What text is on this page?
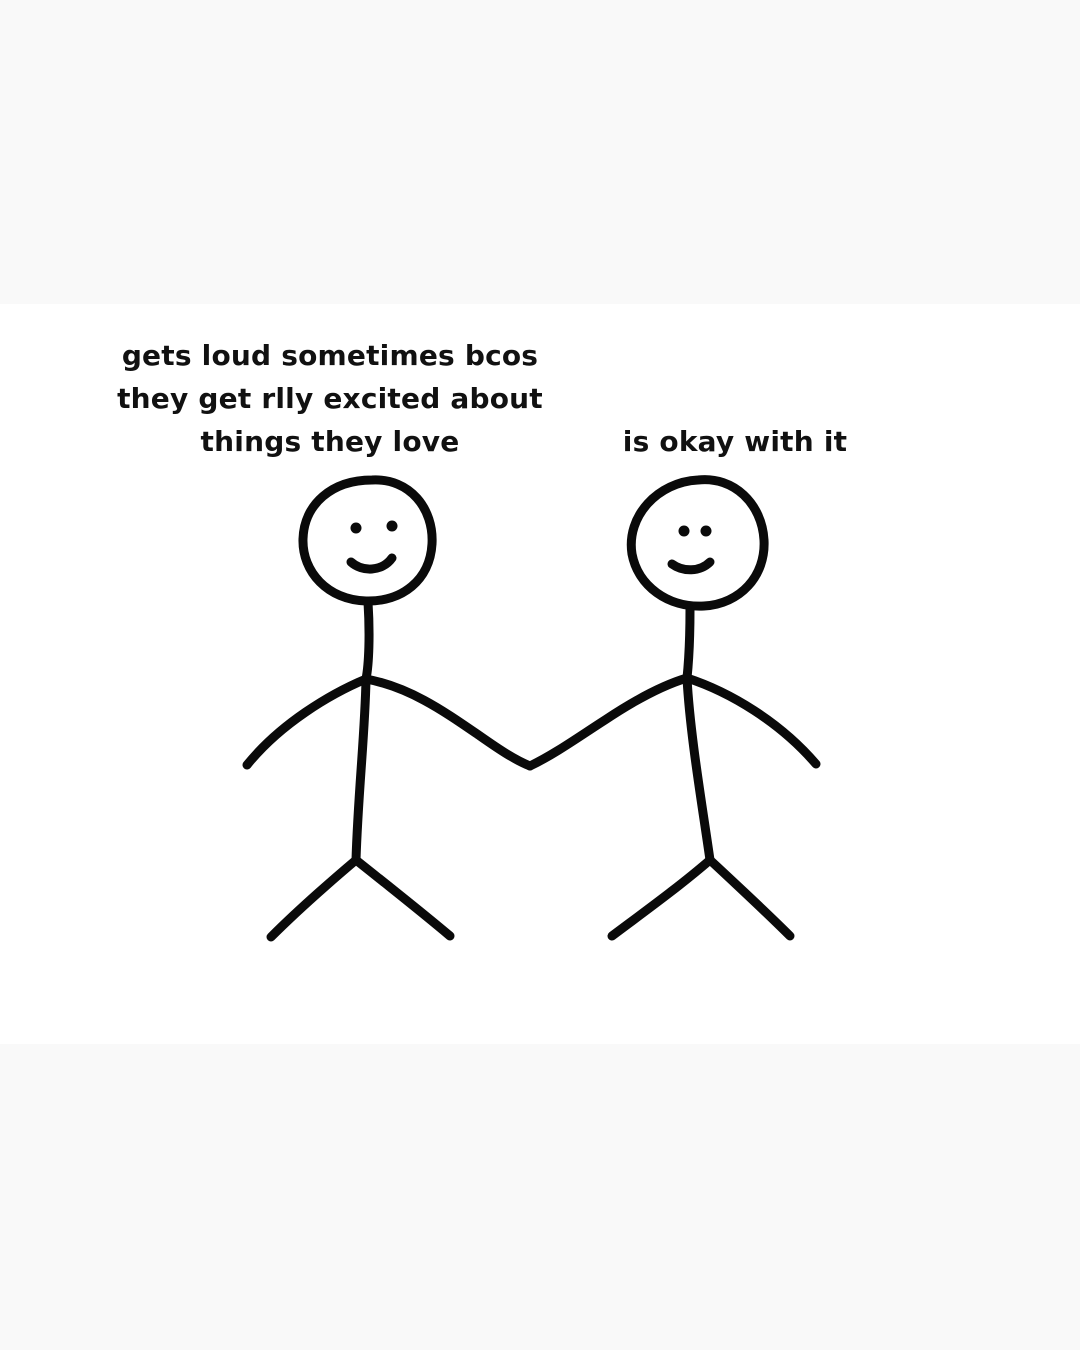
gets loud sometimes bcos
they get rlly excited about
things they love	is okay with it
